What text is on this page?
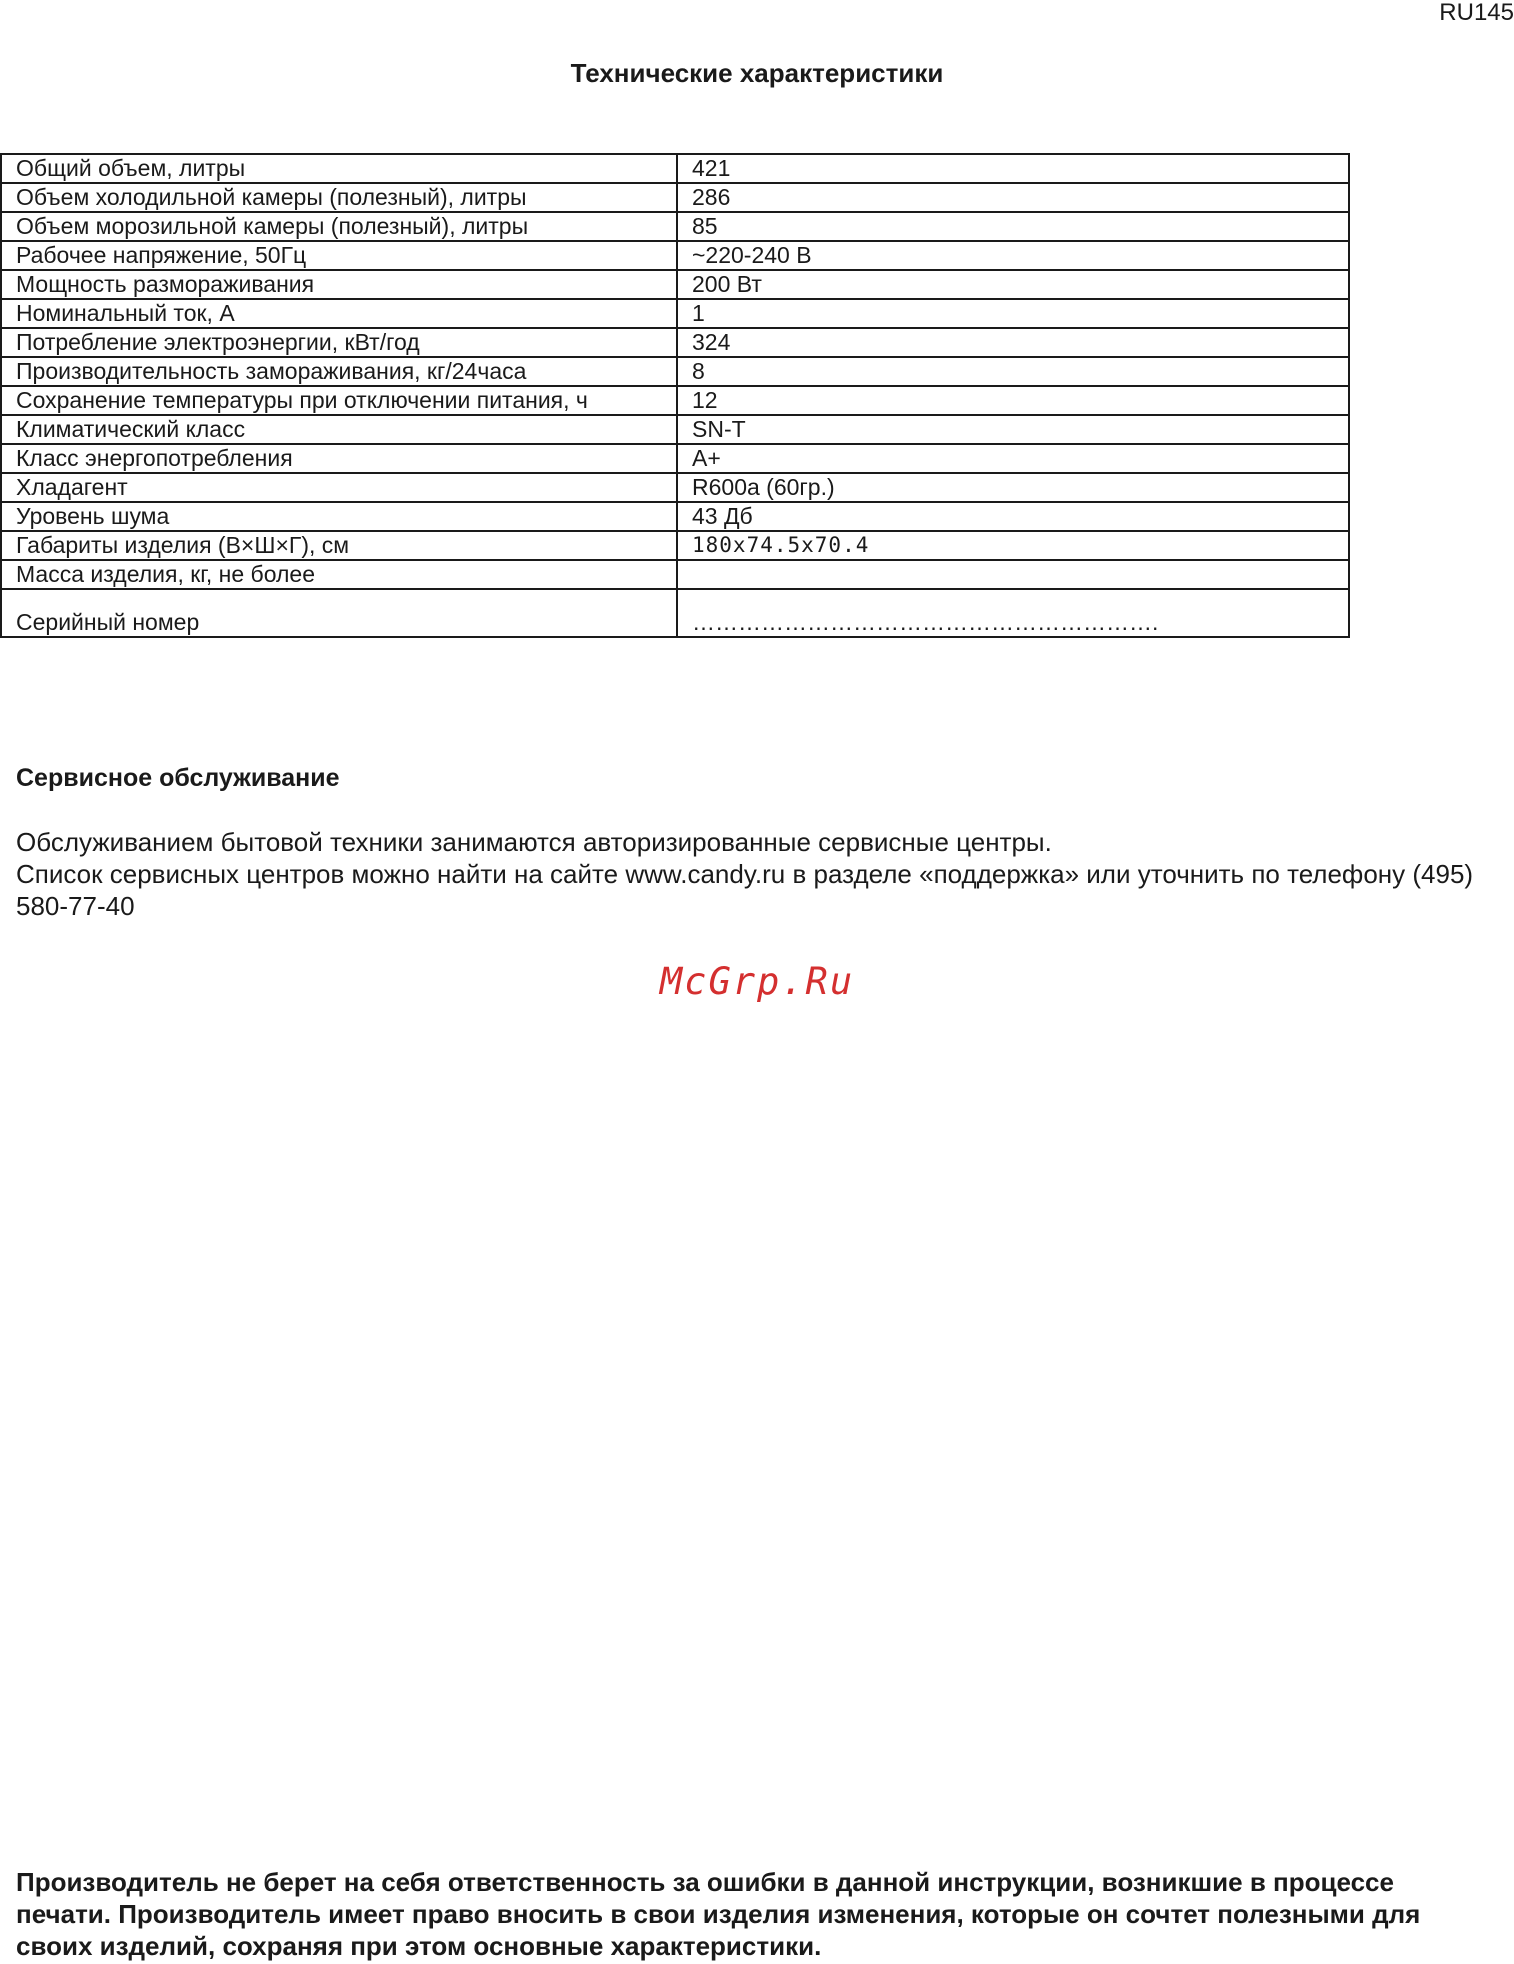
RU145
Технические характеристики
Общий объем, литры	421
Объем холодильной камеры (полезный), литры	286
Объем морозильной камеры (полезный), литры	85
Рабочее напряжение, 50Гц	~220-240 В
Мощность размораживания	200 Вт
Номинальный ток, А	1
Потребление электроэнергии, кВт/год	324
Производительность замораживания, кг/24часа	8
Сохранение температуры при отключении питания, ч	12
Климатический класс	SN-T
Класс энергопотребления	A+
Хладагент	R600a (60гр.)
Уровень шума	43 Дб
Габариты изделия (В×Ш×Г), см	180x74.5x70.4
Масса изделия, кг, не более	
Серийный номер	…………………………………………………….
Сервисное обслуживание

Обслуживанием бытовой техники занимаются авторизированные сервисные центры.

Список сервисных центров можно найти на сайте www.candy.ru в разделе «поддержка» или уточнить по телефону (495) 580-77-40

McGrp.Ru
Производитель не берет на себя ответственность за ошибки в данной инструкции, возникшие в процессе печати. Производитель имеет право вносить в свои изделия изменения, которые он сочтет полезными для своих изделий, сохраняя при этом основные характеристики.
